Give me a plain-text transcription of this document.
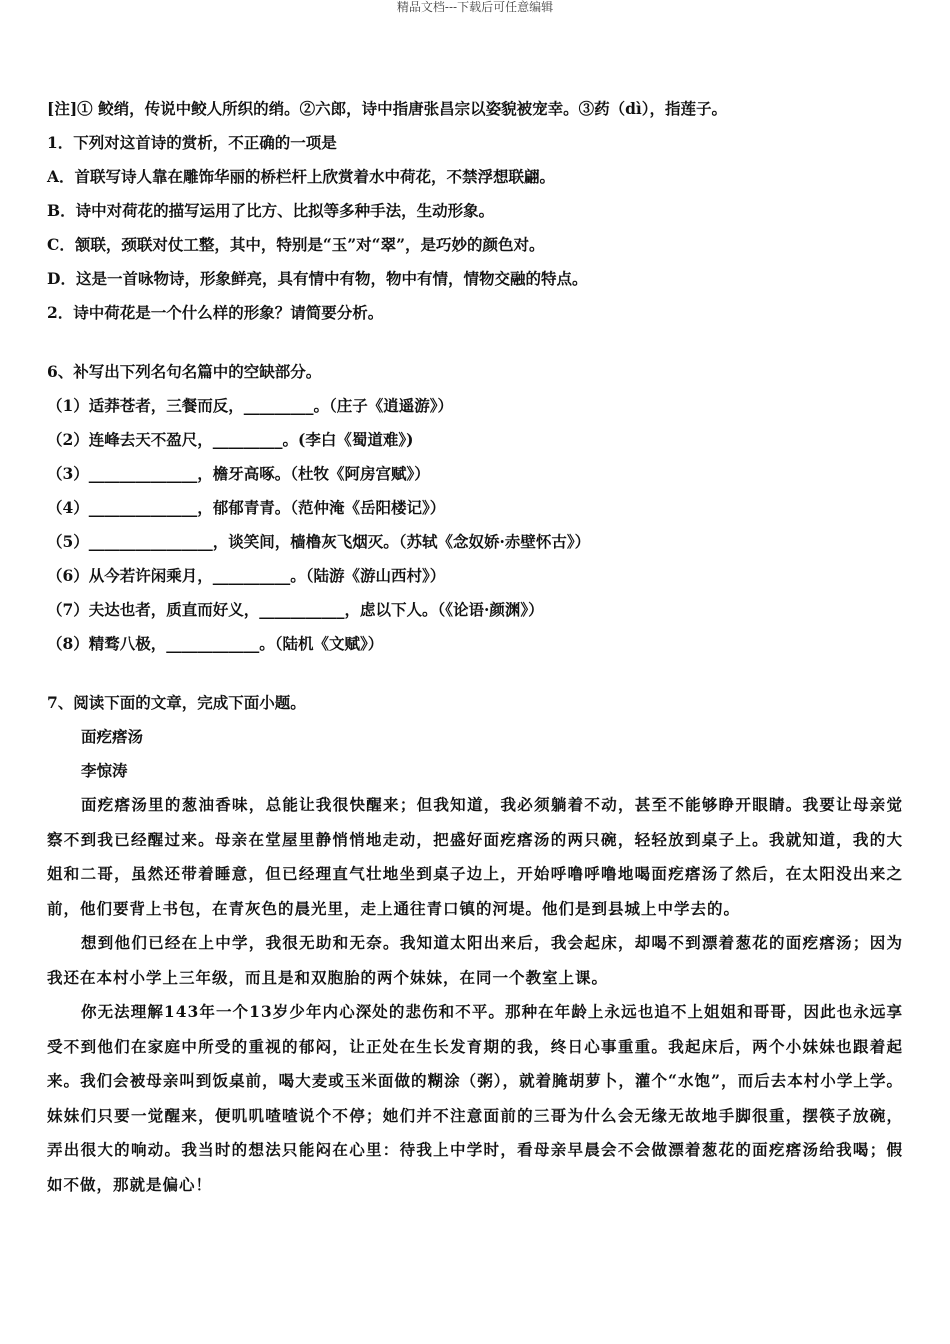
精品文档---下载后可任意编辑
[注]① 鲛绡，传说中鲛人所织的绡。②六郎，诗中指唐张昌宗以姿貌被宠幸。③药（dì），指莲子。
1．下列对这首诗的赏析，不正确的一项是
A．首联写诗人靠在雕饰华丽的桥栏杆上欣赏着水中荷花，不禁浮想联翩。
B．诗中对荷花的描写运用了比方、比拟等多种手法，生动形象。
C．颔联，颈联对仗工整，其中，特别是“玉”对“翠”，是巧妙的颜色对。
D．这是一首咏物诗，形象鲜亮，具有情中有物，物中有情，情物交融的特点。
2．诗中荷花是一个什么样的形象？请简要分析。
6、补写出下列名句名篇中的空缺部分。
（1）适莽苍者，三餐而反，_________。（庄子《逍遥游》）
（2）连峰去天不盈尺，_________。(李白《蜀道难》)
（3）______________，檐牙高啄。（杜牧《阿房宫赋》）
（4）______________，郁郁青青。（范仲淹《岳阳楼记》）
（5）________________，谈笑间，樯橹灰飞烟灭。（苏轼《念奴娇·赤壁怀古》）
（6）从今若许闲乘月，__________。（陆游《游山西村》）
（7）夫达也者，质直而好义，___________，虑以下人。（《论语·颜渊》）
（8）精骛八极，____________。（陆机《文赋》）
7、阅读下面的文章，完成下面小题。
面疙瘩汤
李惊涛
面疙瘩汤里的葱油香味，总能让我很快醒来；但我知道，我必须躺着不动，甚至不能够睁开眼睛。我要让母亲觉察不到我已经醒过来。母亲在堂屋里静悄悄地走动，把盛好面疙瘩汤的两只碗，轻轻放到桌子上。我就知道，我的大姐和二哥，虽然还带着睡意，但已经理直气壮地坐到桌子边上，开始呼噜呼噜地喝面疙瘩汤了然后，在太阳没出来之前，他们要背上书包，在青灰色的晨光里，走上通往青口镇的河堤。他们是到县城上中学去的。
想到他们已经在上中学，我很无助和无奈。我知道太阳出来后，我会起床，却喝不到漂着葱花的面疙瘩汤；因为我还在本村小学上三年级，而且是和双胞胎的两个妹妹，在同一个教室上课。
你无法理解143年一个13岁少年内心深处的悲伤和不平。那种在年龄上永远也追不上姐姐和哥哥，因此也永远享受不到他们在家庭中所受的重视的郁闷，让正处在生长发育期的我，终日心事重重。我起床后，两个小妹妹也跟着起来。我们会被母亲叫到饭桌前，喝大麦或玉米面做的糊涂（粥），就着腌胡萝卜，灌个“水饱”，而后去本村小学上学。妹妹们只要一觉醒来，便叽叽喳喳说个不停；她们并不注意面前的三哥为什么会无缘无故地手脚很重，摆筷子放碗，弄出很大的响动。我当时的想法只能闷在心里：待我上中学时，看母亲早晨会不会做漂着葱花的面疙瘩汤给我喝；假如不做，那就是偏心！
